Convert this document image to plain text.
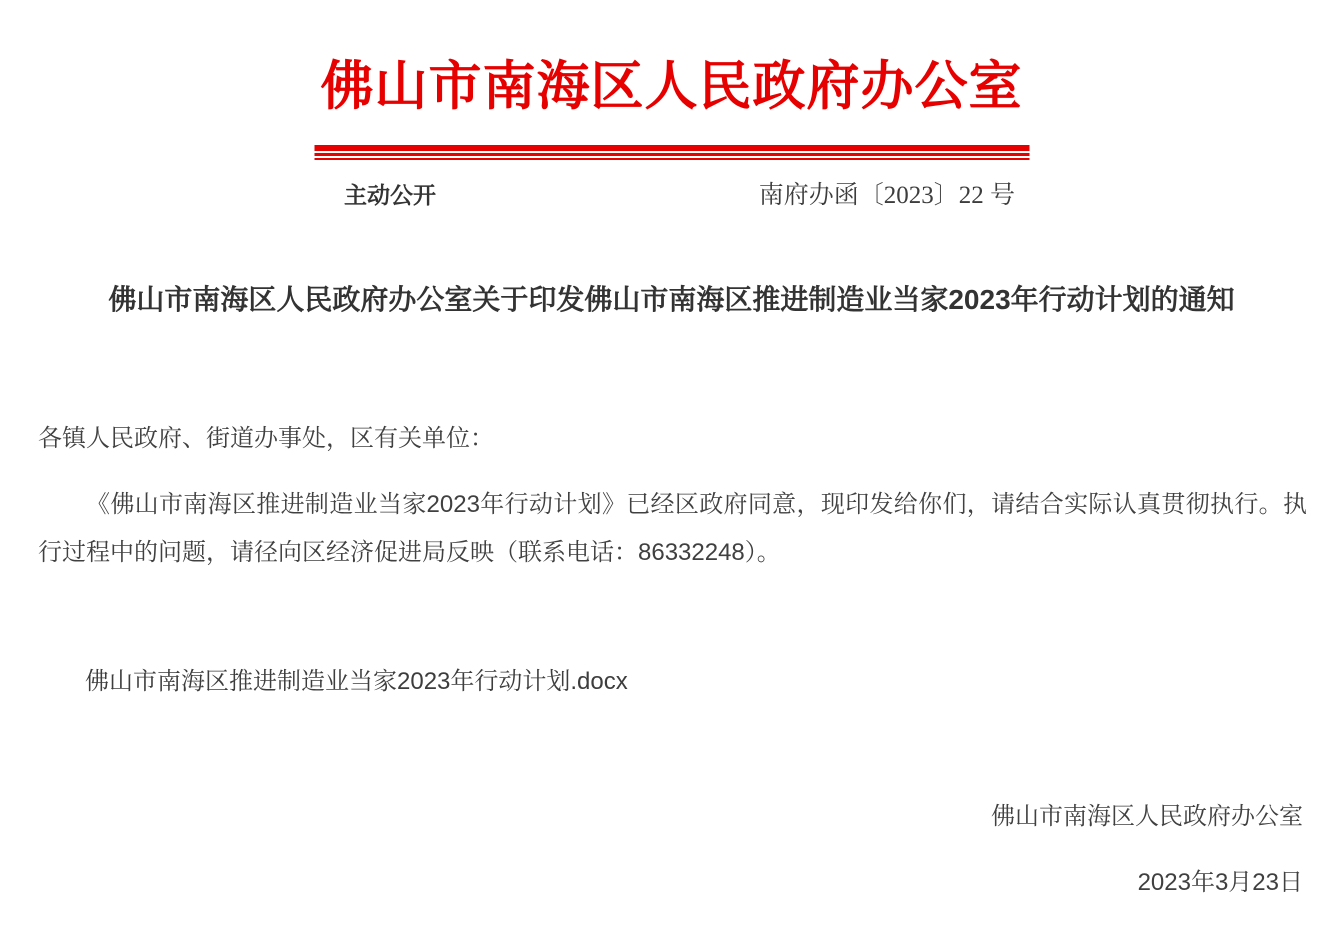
佛山市南海区人民政府办公室
主动公开	南府办函〔2023〕22 号
佛山市南海区人民政府办公室关于印发佛山市南海区推进制造业当家2023年行动计划的通知
各镇人民政府、街道办事处，区有关单位：
《佛山市南海区推进制造业当家2023年行动计划》已经区政府同意，现印发给你们，请结合实际认真贯彻执行。执行过程中的问题，请径向区经济促进局反映（联系电话：86332248）。
佛山市南海区推进制造业当家2023年行动计划.docx
佛山市南海区人民政府办公室
2023年3月23日
